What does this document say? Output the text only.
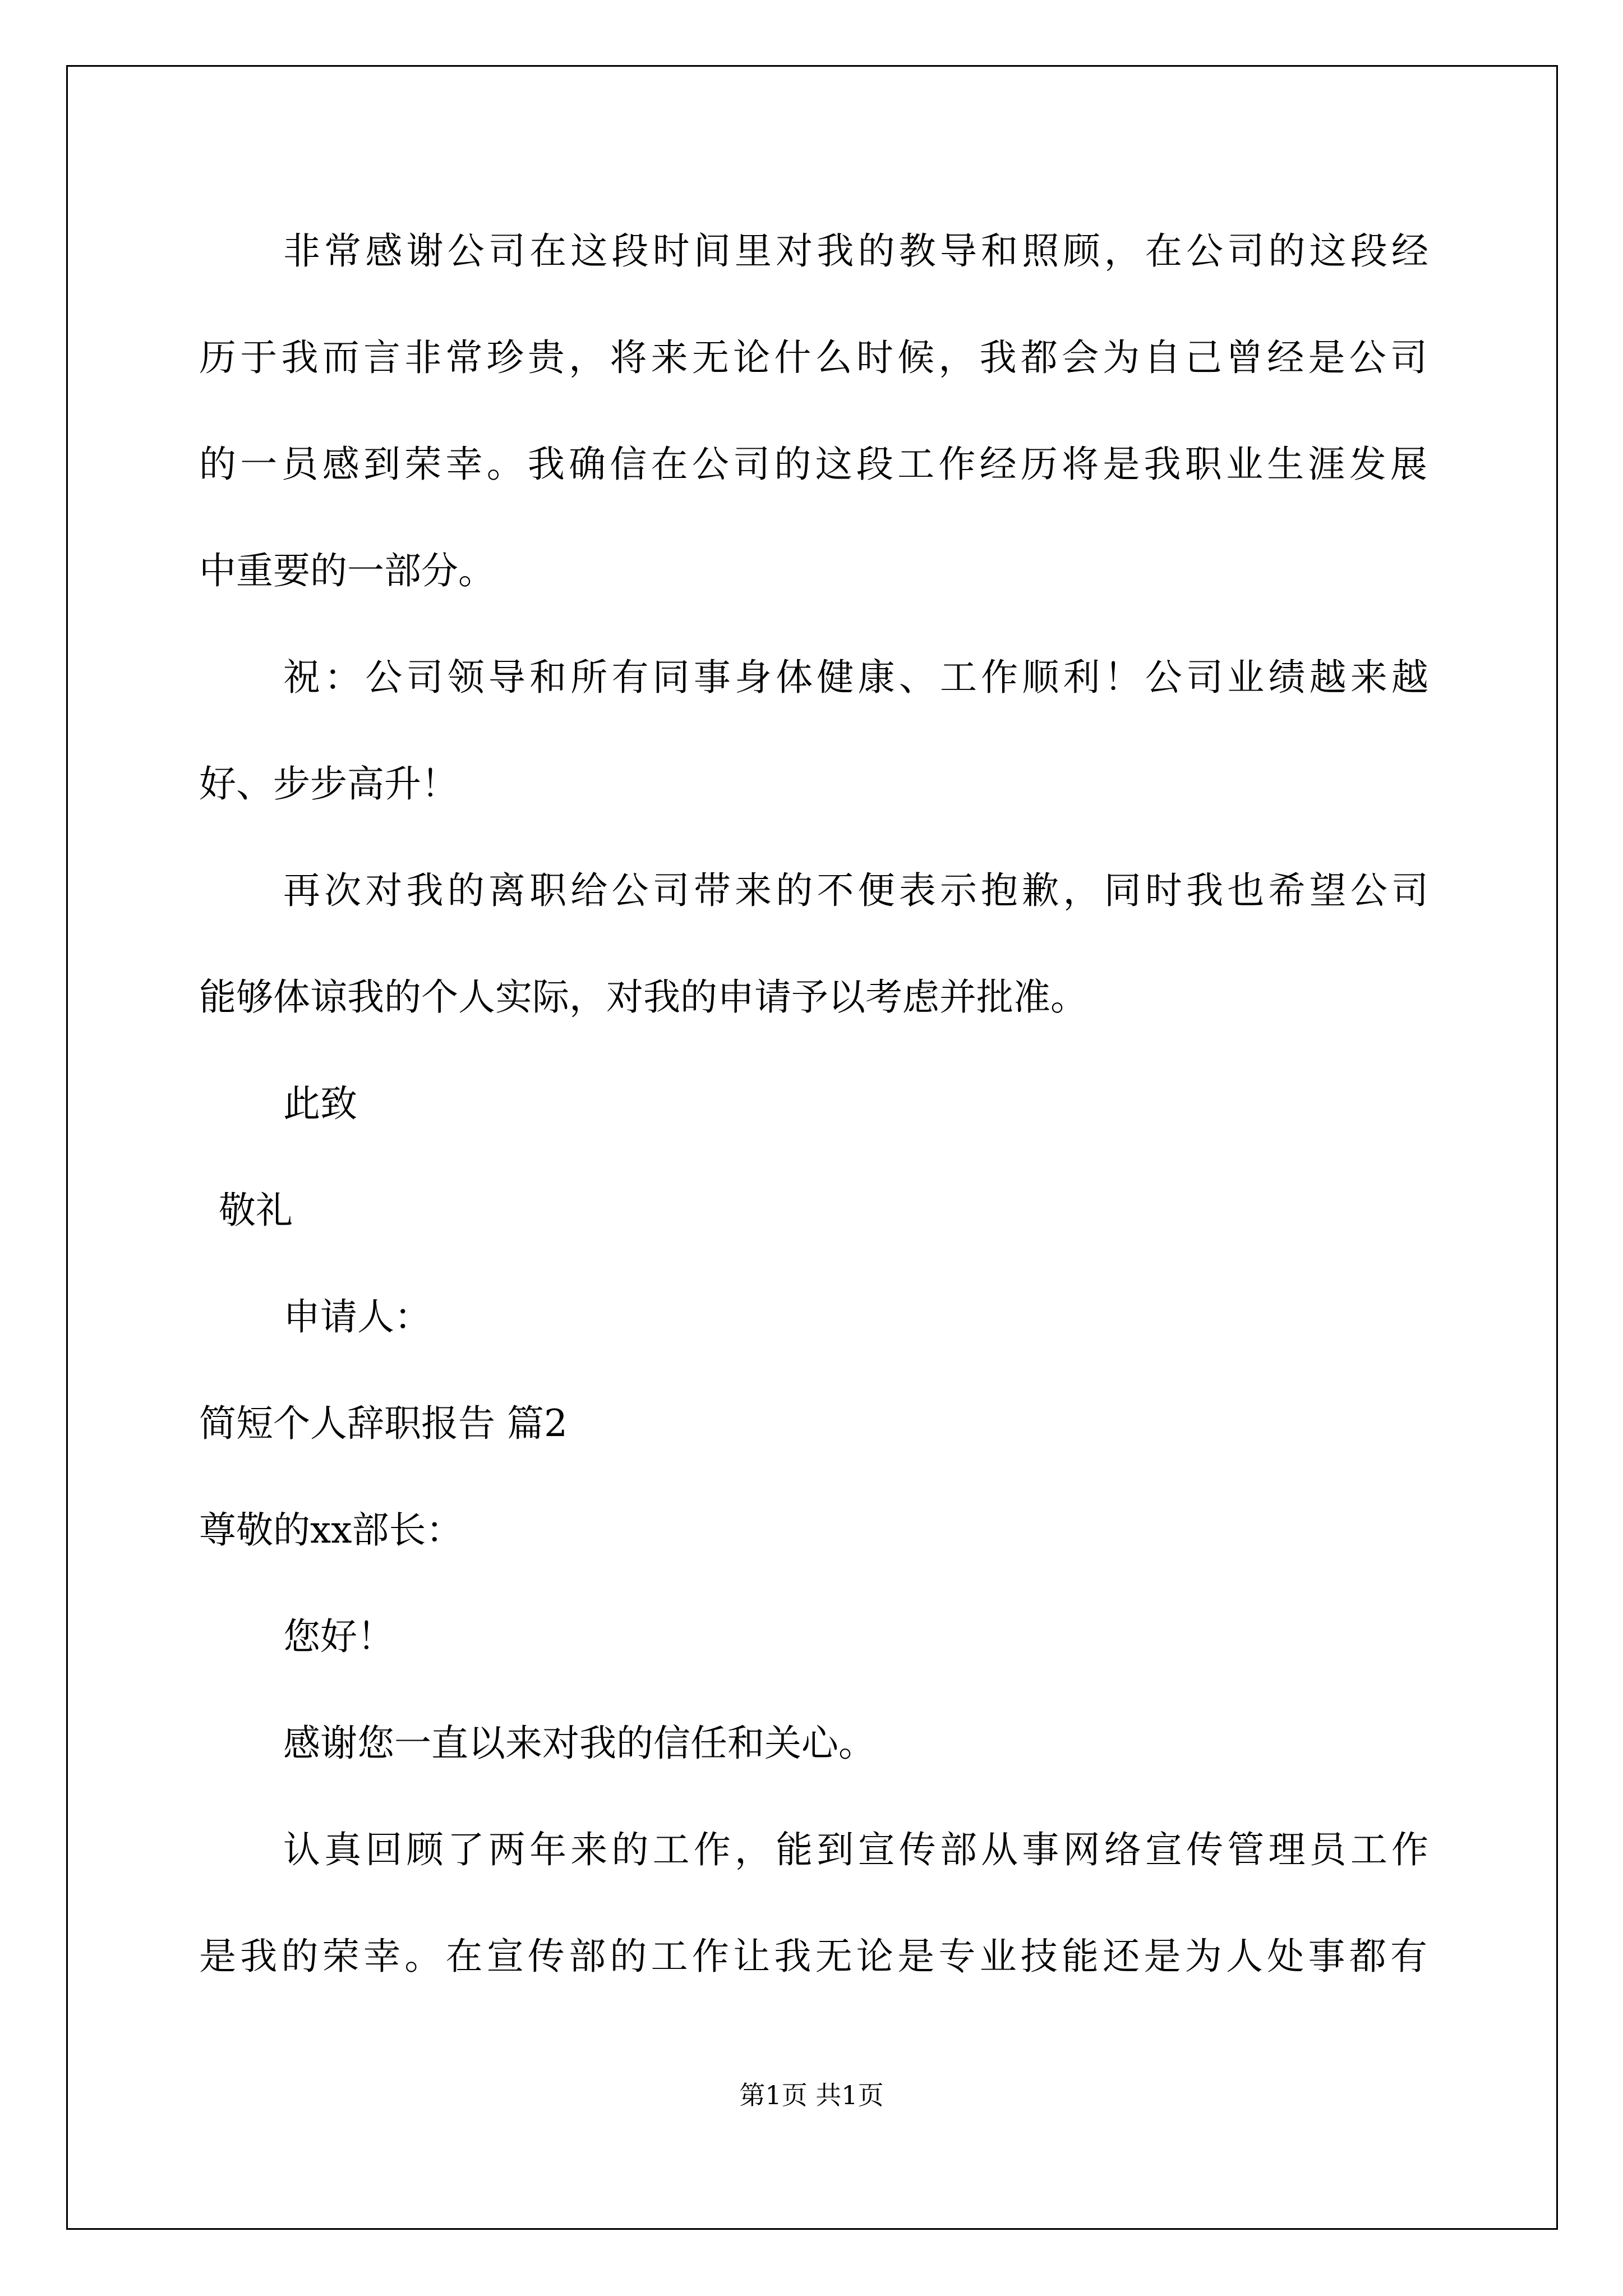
非常感谢公司在这段时间里对我的教导和照顾，在公司的这段经
历于我而言非常珍贵，将来无论什么时候，我都会为自己曾经是公司
的一员感到荣幸。我确信在公司的这段工作经历将是我职业生涯发展
中重要的一部分。
祝：公司领导和所有同事身体健康、工作顺利！公司业绩越来越
好、步步高升！
再次对我的离职给公司带来的不便表示抱歉，同时我也希望公司
能够体谅我的个人实际，对我的申请予以考虑并批准。
此致
敬礼
申请人：
简短个人辞职报告 篇2
尊敬的xx部长：
您好！
感谢您一直以来对我的信任和关心。
认真回顾了两年来的工作，能到宣传部从事网络宣传管理员工作
是我的荣幸。在宣传部的工作让我无论是专业技能还是为人处事都有
第1页 共1页
